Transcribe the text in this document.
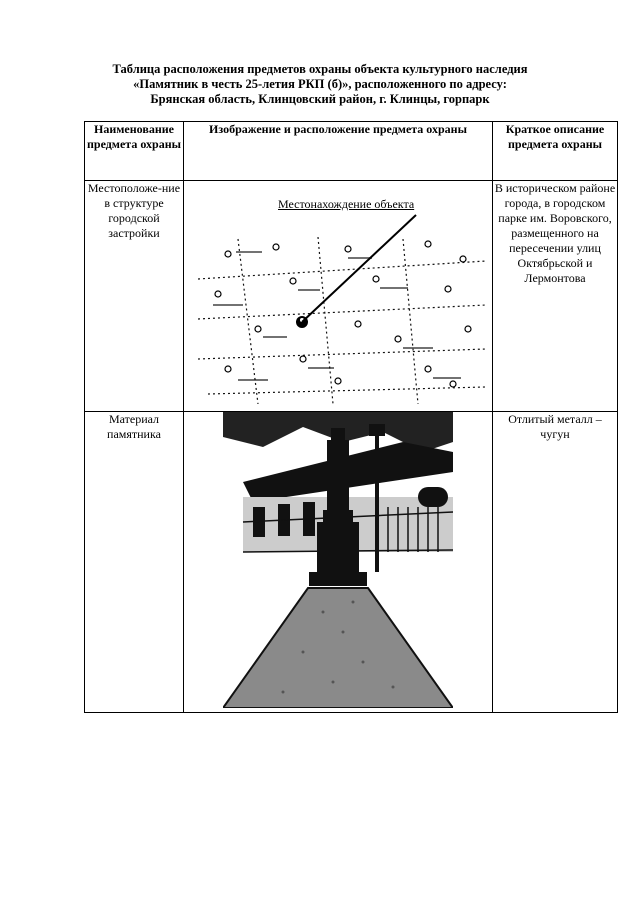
Таблица расположения предметов охраны объекта культурного наследия
«Памятник в честь 25-летия РКП (б)», расположенного по адресу:
Брянская область, Клинцовский район, г. Клинцы, горпарк
Наименование предмета охраны	Изображение и расположение предмета охраны	Краткое описание предмета охраны
Местоположе-ние в структуре городской застройки	Местонахождение объекта	В историческом районе города, в городском парке им. Воровского, размещенного на пересечении улиц Октябрьской и Лермонтова
Материал памятника		Отлитый металл – чугун
